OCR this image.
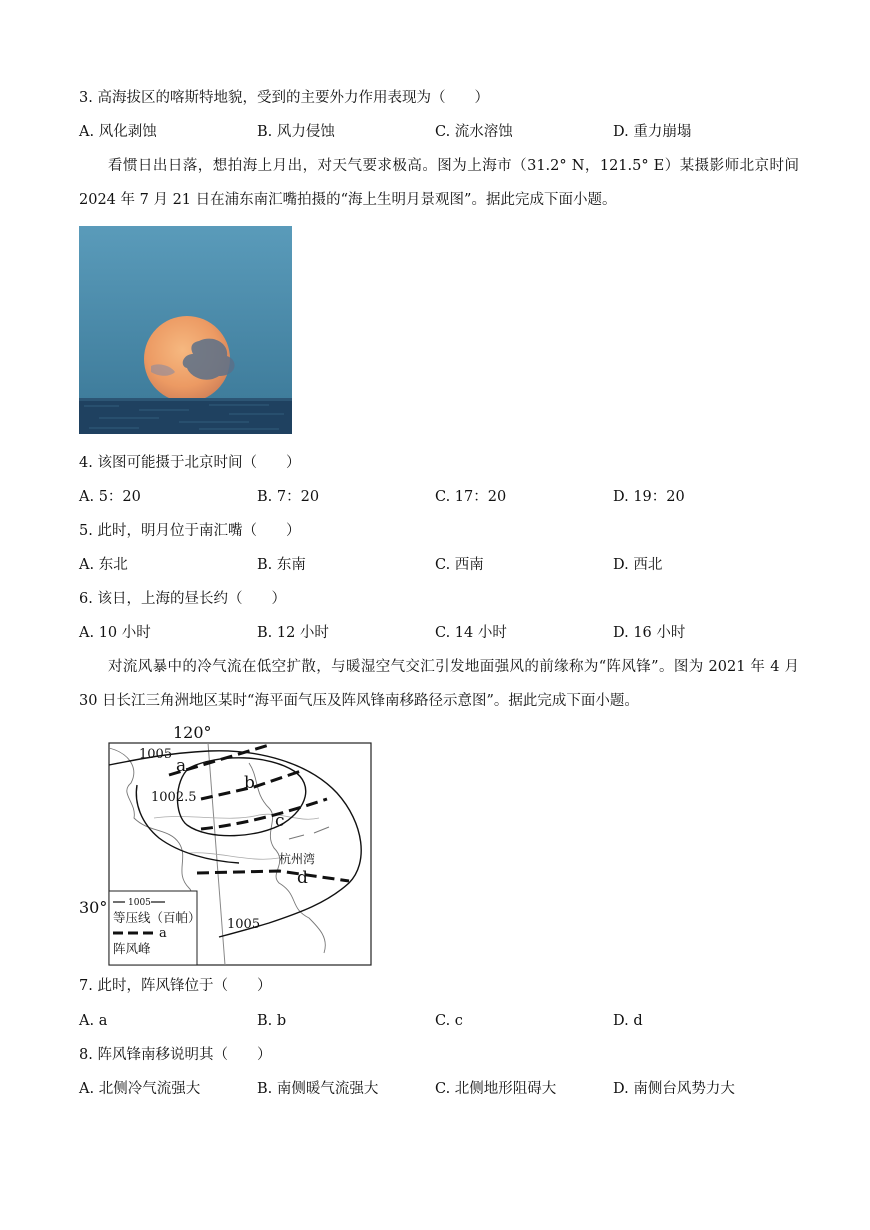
3. 高海拔区的喀斯特地貌，受到的主要外力作用表现为（　　）
A. 风化剥蚀	B. 风力侵蚀	C. 流水溶蚀	D. 重力崩塌
看惯日出日落，想拍海上月出，对天气要求极高。图为上海市（31.2° N，121.5° E）某摄影师北京时间 2024 年 7 月 21 日在浦东南汇嘴拍摄的“海上生明月景观图”。据此完成下面小题。
4. 该图可能摄于北京时间（　　）
A. 5：20	B. 7：20	C. 17：20	D. 19：20
5. 此时，明月位于南汇嘴（　　）
A. 东北	B. 东南	C. 西南	D. 西北
6. 该日，上海的昼长约（　　）
A. 10 小时	B. 12 小时	C. 14 小时	D. 16 小时
对流风暴中的冷气流在低空扩散，与暖湿空气交汇引发地面强风的前缘称为“阵风锋”。图为 2021 年 4 月 30 日长江三角洲地区某时“海平面气压及阵风锋南移路径示意图”。据此完成下面小题。
120°
30°
1005
1002.5
1005
a
b
c
d
杭州湾
1005
等压线（百帕）
a
阵风峰
7. 此时，阵风锋位于（　　）
A. a	B. b	C. c	D. d
8. 阵风锋南移说明其（　　）
A. 北侧冷气流强大	B. 南侧暖气流强大	C. 北侧地形阻碍大	D. 南侧台风势力大
